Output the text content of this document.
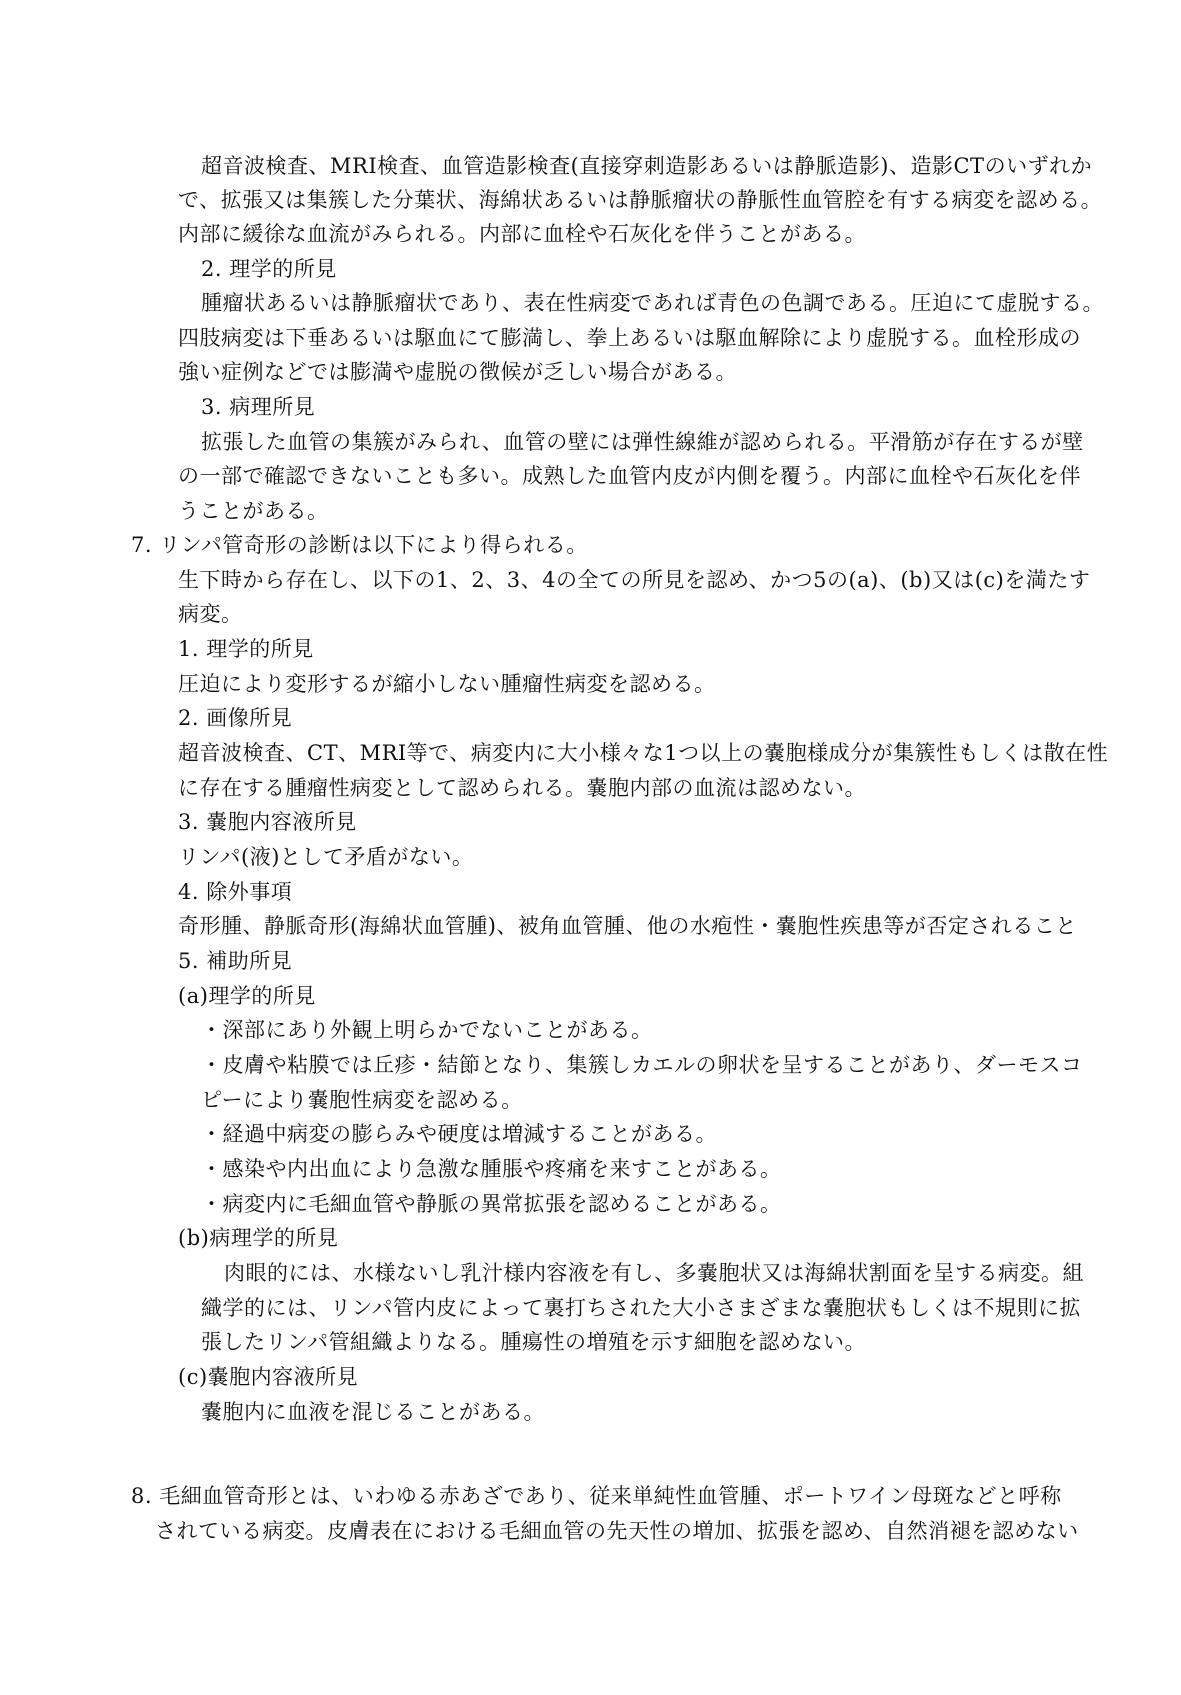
超音波検査、MRI検査、血管造影検査(直接穿刺造影あるいは静脈造影)、造影CTのいずれか
で、拡張又は集簇した分葉状、海綿状あるいは静脈瘤状の静脈性血管腔を有する病変を認める。
内部に緩徐な血流がみられる。内部に血栓や石灰化を伴うことがある。
2. 理学的所見
腫瘤状あるいは静脈瘤状であり、表在性病変であれば青色の色調である。圧迫にて虚脱する。
四肢病変は下垂あるいは駆血にて膨満し、拳上あるいは駆血解除により虚脱する。血栓形成の
強い症例などでは膨満や虚脱の徴候が乏しい場合がある。
3. 病理所見
拡張した血管の集簇がみられ、血管の壁には弾性線維が認められる。平滑筋が存在するが壁
の一部で確認できないことも多い。成熟した血管内皮が内側を覆う。内部に血栓や石灰化を伴
うことがある。
7. リンパ管奇形の診断は以下により得られる。
生下時から存在し、以下の1、2、3、4の全ての所見を認め、かつ5の(a)、(b)又は(c)を満たす
病変。
1. 理学的所見
圧迫により変形するが縮小しない腫瘤性病変を認める。
2. 画像所見
超音波検査、CT、MRI等で、病変内に大小様々な1つ以上の嚢胞様成分が集簇性もしくは散在性
に存在する腫瘤性病変として認められる。嚢胞内部の血流は認めない。
3. 嚢胞内容液所見
リンパ(液)として矛盾がない。
4. 除外事項
奇形腫、静脈奇形(海綿状血管腫)、被角血管腫、他の水疱性・嚢胞性疾患等が否定されること
5. 補助所見
(a)理学的所見
・深部にあり外観上明らかでないことがある。
・皮膚や粘膜では丘疹・結節となり、集簇しカエルの卵状を呈することがあり、ダーモスコ
ピーにより嚢胞性病変を認める。
・経過中病変の膨らみや硬度は増減することがある。
・感染や内出血により急激な腫脹や疼痛を来すことがある。
・病変内に毛細血管や静脈の異常拡張を認めることがある。
(b)病理学的所見
肉眼的には、水様ないし乳汁様内容液を有し、多嚢胞状又は海綿状割面を呈する病変。組
織学的には、リンパ管内皮によって裏打ちされた大小さまざまな嚢胞状もしくは不規則に拡
張したリンパ管組織よりなる。腫瘍性の増殖を示す細胞を認めない。
(c)嚢胞内容液所見
嚢胞内に血液を混じることがある。
8. 毛細血管奇形とは、いわゆる赤あざであり、従来単純性血管腫、ポートワイン母斑などと呼称
されている病変。皮膚表在における毛細血管の先天性の増加、拡張を認め、自然消褪を認めない
